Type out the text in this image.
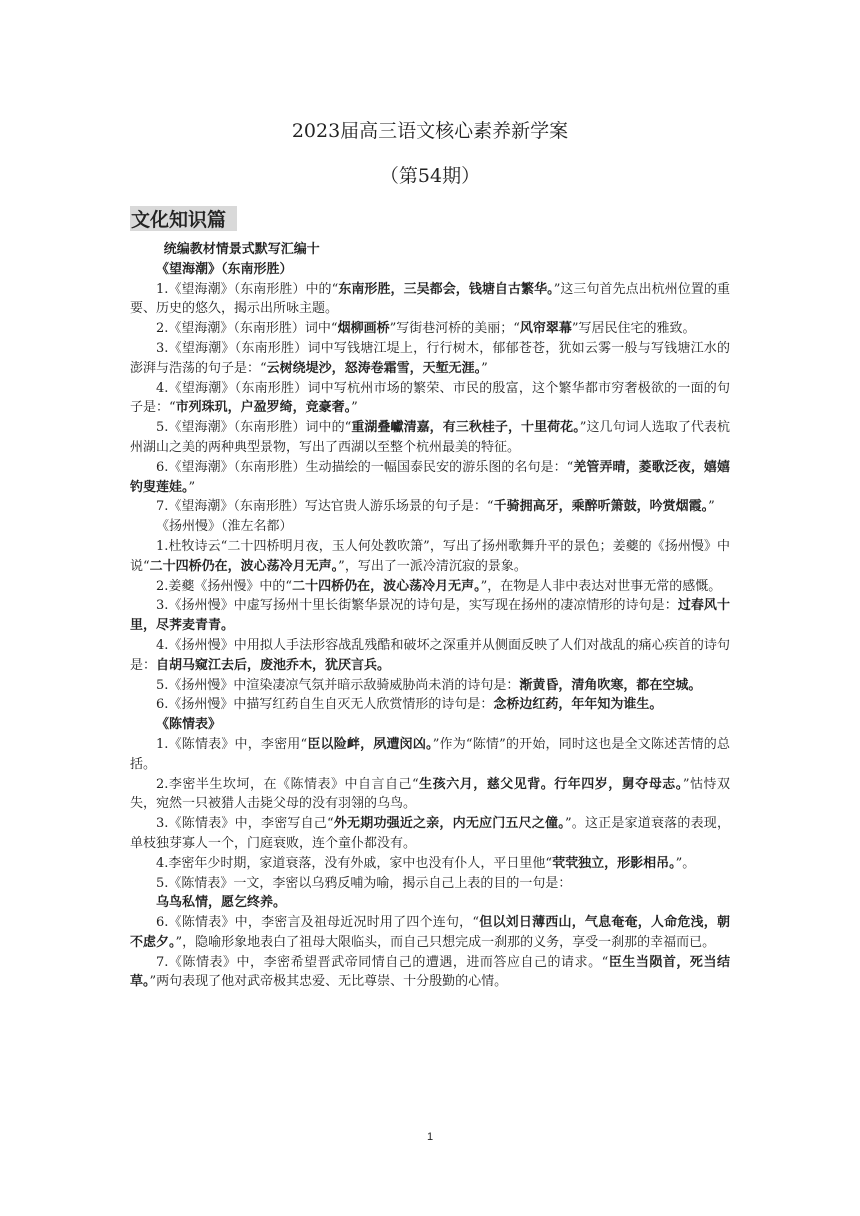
2023届高三语文核心素养新学案
（第54期）
文化知识篇

统编教材情景式默写汇编十

《望海潮》（东南形胜）

1.《望海潮》（东南形胜）中的“东南形胜，三吴都会，钱塘自古繁华。”这三句首先点出杭州位置的重要、历史的悠久，揭示出所咏主题。

2.《望海潮》（东南形胜）词中“烟柳画桥”写街巷河桥的美丽；“风帘翠幕”写居民住宅的雅致。

3.《望海潮》（东南形胜）词中写钱塘江堤上，行行树木，郁郁苍苍，犹如云雾一般与写钱塘江水的澎湃与浩荡的句子是：“云树绕堤沙，怒涛卷霜雪，天堑无涯。”

4.《望海潮》（东南形胜）词中写杭州市场的繁荣、市民的殷富，这个繁华都市穷奢极欲的一面的句子是：“市列珠玑，户盈罗绮，竞豪奢。”

5.《望海潮》（东南形胜）词中的“重湖叠巘清嘉，有三秋桂子，十里荷花。”这几句词人选取了代表杭州湖山之美的两种典型景物，写出了西湖以至整个杭州最美的特征。

6.《望海潮》（东南形胜）生动描绘的一幅国泰民安的游乐图的名句是：“羌管弄晴，菱歌泛夜，嬉嬉钓叟莲娃。”

7.《望海潮》（东南形胜）写达官贵人游乐场景的句子是：“千骑拥高牙，乘醉听箫鼓，吟赏烟霞。”

《扬州慢》（淮左名都）

1.杜牧诗云“二十四桥明月夜，玉人何处教吹箫”，写出了扬州歌舞升平的景色；姜夔的《扬州慢》中说“二十四桥仍在，波心荡冷月无声。”，写出了一派冷清沉寂的景象。

2.姜夔《扬州慢》中的“二十四桥仍在，波心荡冷月无声。”，在物是人非中表达对世事无常的感慨。

3.《扬州慢》中虚写扬州十里长街繁华景况的诗句是，实写现在扬州的凄凉情形的诗句是：过春风十里，尽荠麦青青。

4.《扬州慢》中用拟人手法形容战乱残酷和破坏之深重并从侧面反映了人们对战乱的痛心疾首的诗句是：自胡马窥江去后，废池乔木，犹厌言兵。

5.《扬州慢》中渲染凄凉气氛并暗示敌骑威胁尚未消的诗句是：渐黄昏，清角吹寒，都在空城。

6.《扬州慢》中描写红药自生自灭无人欣赏情形的诗句是：念桥边红药，年年知为谁生。

《陈情表》

1.《陈情表》中，李密用“臣以险衅，夙遭闵凶。”作为“陈情”的开始，同时这也是全文陈述苦情的总括。

2.李密半生坎坷，在《陈情表》中自言自己“生孩六月，慈父见背。行年四岁，舅夺母志。”怙恃双失，宛然一只被猎人击毙父母的没有羽翎的乌鸟。

3.《陈情表》中，李密写自己“外无期功强近之亲，内无应门五尺之僮。”。这正是家道衰落的表现，单枝独芽寡人一个，门庭衰败，连个童仆都没有。

4.李密年少时期，家道衰落，没有外戚，家中也没有仆人，平日里他“茕茕独立，形影相吊。”。

5.《陈情表》一文，李密以乌鸦反哺为喻，揭示自己上表的目的一句是：

乌鸟私情，愿乞终养。

6.《陈情表》中，李密言及祖母近况时用了四个连句，“但以刘日薄西山，气息奄奄，人命危浅，朝不虑夕。”，隐喻形象地表白了祖母大限临头，而自己只想完成一刹那的义务，享受一刹那的幸福而已。

7.《陈情表》中，李密希望晋武帝同情自己的遭遇，进而答应自己的请求。“臣生当陨首，死当结草。”两句表现了他对武帝极其忠爱、无比尊崇、十分殷勤的心情。

1
